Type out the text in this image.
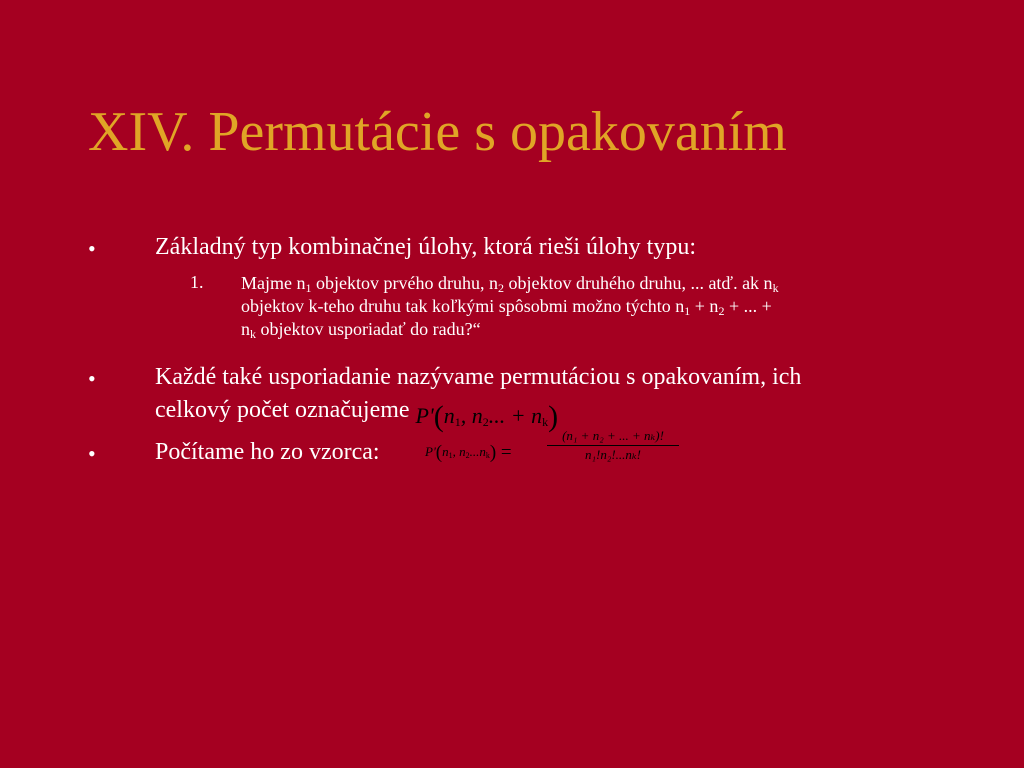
XIV. Permutácie s opakovaním
• Základný typ kombinačnej úlohy, ktorá rieši úlohy typu:
1. Majme $n_1$ objektov prvého druhu, $n_2$ objektov druhého druhu, ... atď. ak $n_k$
objektov k-teho druhu tak koľkými spôsobmi možno týchto $n_1 + n_2$ + ... +
$n_k$ objektov usporiadať do radu?“
• Každé také usporiadanie nazývame permutáciou s opakovaním, ich
celkový počet označujeme $P'(n_1$, $n_2$... + $n_k$)
• Počítame ho zo vzorca:	$P'(n_1$, $n_2...n_k$) =
(n₁ + n₂ + ... + nₖ)!
n₁!n₂!...nₖ!
